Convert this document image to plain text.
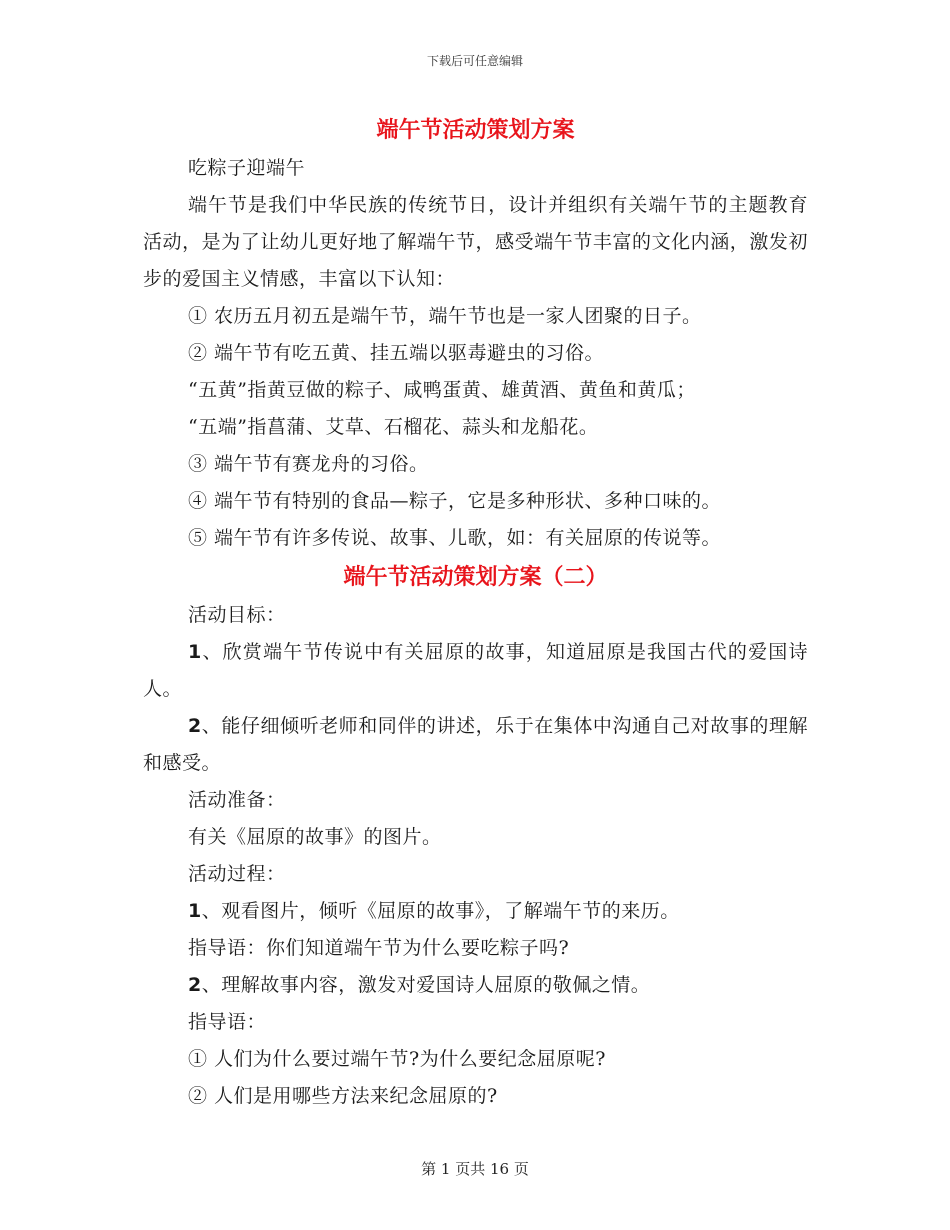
下载后可任意编辑
端午节活动策划方案

吃粽子迎端午

端午节是我们中华民族的传统节日，设计并组织有关端午节的主题教育活动，是为了让幼儿更好地了解端午节，感受端午节丰富的文化内涵，激发初步的爱国主义情感，丰富以下认知：

① 农历五月初五是端午节，端午节也是一家人团聚的日子。

② 端午节有吃五黄、挂五端以驱毒避虫的习俗。

“五黄”指黄豆做的粽子、咸鸭蛋黄、雄黄酒、黄鱼和黄瓜；

“五端”指菖蒲、艾草、石榴花、蒜头和龙船花。

③ 端午节有赛龙舟的习俗。

④ 端午节有特别的食品—粽子，它是多种形状、多种口味的。

⑤ 端午节有许多传说、故事、儿歌，如：有关屈原的传说等。

端午节活动策划方案（二）

活动目标：

1、欣赏端午节传说中有关屈原的故事，知道屈原是我国古代的爱国诗人。

2、能仔细倾听老师和同伴的讲述，乐于在集体中沟通自己对故事的理解和感受。

活动准备：

有关《屈原的故事》的图片。

活动过程：

1、观看图片，倾听《屈原的故事》，了解端午节的来历。

指导语：你们知道端午节为什么要吃粽子吗?

2、理解故事内容，激发对爱国诗人屈原的敬佩之情。

指导语：

① 人们为什么要过端午节?为什么要纪念屈原呢?

② 人们是用哪些方法来纪念屈原的?

第 1 页共 16 页
